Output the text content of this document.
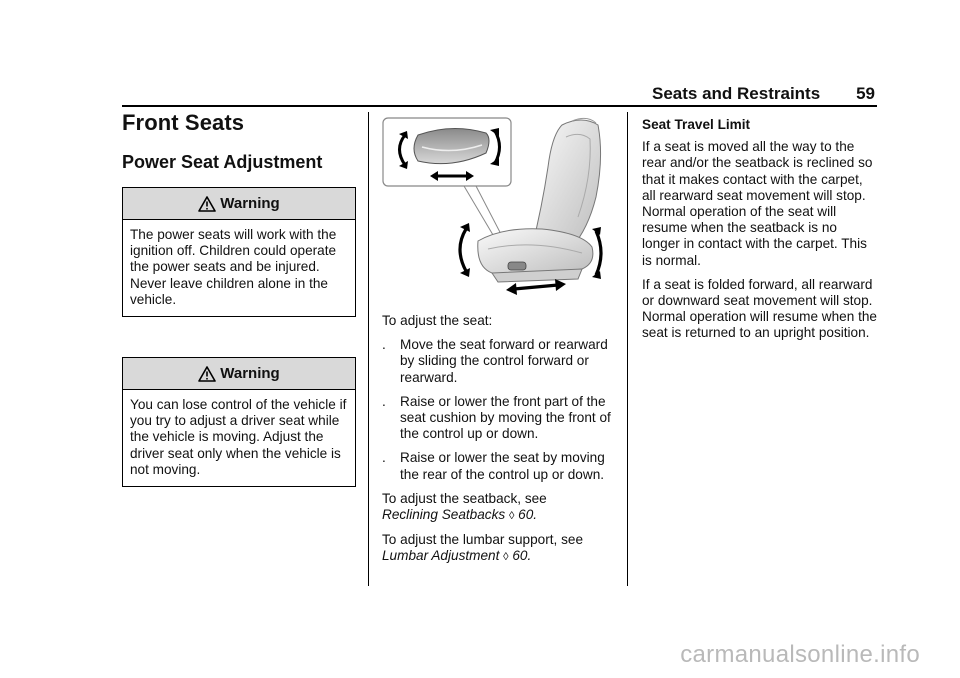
Seats and Restraints 59
Front Seats
Power Seat Adjustment
Warning
The power seats will work with the ignition off. Children could operate the power seats and be injured. Never leave children alone in the vehicle.
Warning
You can lose control of the vehicle if you try to adjust a driver seat while the vehicle is moving. Adjust the driver seat only when the vehicle is not moving.

To adjust the seat:

.	Move the seat forward or rearward by sliding the control forward or rearward.
.	Raise or lower the front part of the seat cushion by moving the front of the control up or down.
.	Raise or lower the seat by moving the rear of the control up or down.

To adjust the seatback, see
Reclining Seatbacks ◊ 60.

To adjust the lumbar support, see
Lumbar Adjustment ◊ 60.

Seat Travel Limit

If a seat is moved all the way to the rear and/or the seatback is reclined so that it makes contact with the carpet, all rearward seat movement will stop. Normal operation of the seat will resume when the seatback is no longer in contact with the carpet. This is normal.

If a seat is folded forward, all rearward or downward seat movement will stop. Normal operation will resume when the seat is returned to an upright position.

carmanualsonline.info
